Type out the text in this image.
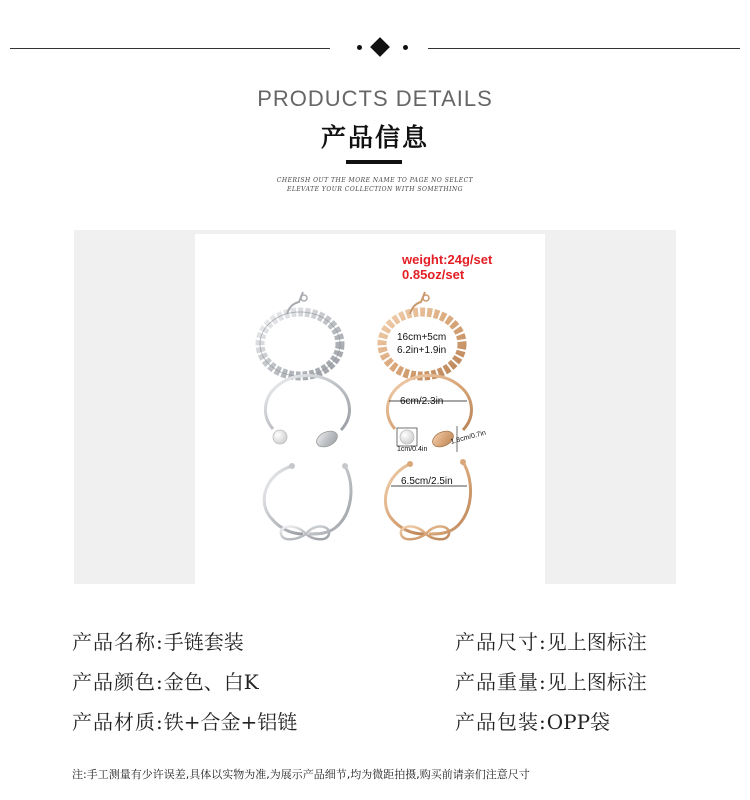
PRODUCTS DETAILS
产品信息
CHERISH OUT THE MORE NAME TO PAGE NO SELECT
ELEVATE YOUR COLLECTION WITH SOMETHING
weight:24g/set
0.85oz/set
16cm+5cm
6.2in+1.9in
6cm/2.3in
1cm/0.4in
1.8cm/0.7in
6.5cm/2.5in
产品名称:手链套装
产品颜色:金色、白K
产品材质:铁+合金+铝链
产品尺寸:见上图标注
产品重量:见上图标注
产品包装:OPP袋
注:手工测量有少许误差,具体以实物为准,为展示产品细节,均为微距拍摄,购买前请亲们注意尺寸
